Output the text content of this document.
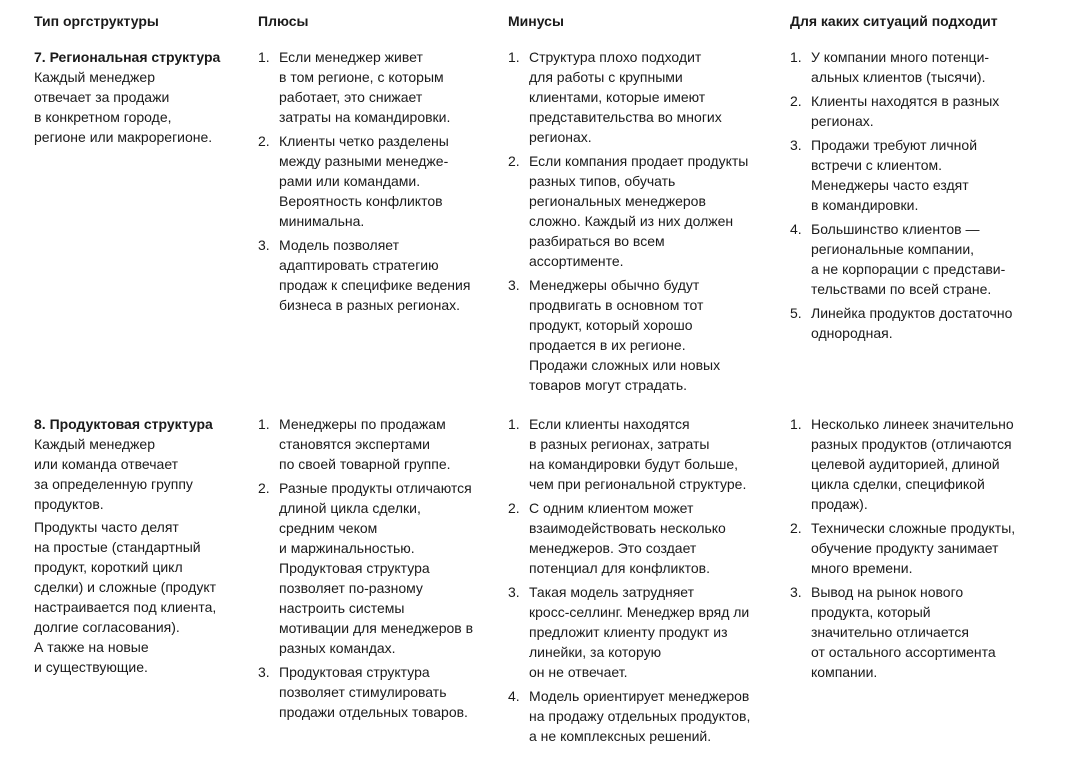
Тип оргструктуры
7. Региональная структура

Каждый менеджер
отвечает за продажи
в конкретном городе,
регионе или макрорегионе.

8. Продуктовая структура

Каждый менеджер
или команда отвечает
за определенную группу
продуктов.

Продукты часто делят
на простые (стандартный
продукт, короткий цикл
сделки) и сложные (продукт
настраивается под клиента,
долгие согласования).
А также на новые
и существующие.

Плюсы
1. Если менеджер живет
в том регионе, с которым
работает, это снижает
затраты на командировки.
2. Клиенты четко разделены
между разными менедже-
рами или командами.
Вероятность конфликтов
минимальна.
3. Модель позволяет
адаптировать стратегию
продаж к специфике ведения
бизнеса в разных регионах.
1. Менеджеры по продажам
становятся экспертами
по своей товарной группе.
2. Разные продукты отличаются
длиной цикла сделки,
средним чеком
и маржинальностью.
Продуктовая структура
позволяет по-разному
настроить системы
мотивации для менеджеров в
разных командах.
3. Продуктовая структура
позволяет стимулировать
продажи отдельных товаров.
Минусы
1. Структура плохо подходит
для работы с крупными
клиентами, которые имеют
представительства во многих
регионах.
2. Если компания продает продукты
разных типов, обучать
региональных менеджеров
сложно. Каждый из них должен
разбираться во всем
ассортименте.
3. Менеджеры обычно будут
продвигать в основном тот
продукт, который хорошо
продается в их регионе.
Продажи сложных или новых
товаров могут страдать.
1. Если клиенты находятся
в разных регионах, затраты
на командировки будут больше,
чем при региональной структуре.
2. С одним клиентом может
взаимодействовать несколько
менеджеров. Это создает
потенциал для конфликтов.
3. Такая модель затрудняет
кросс-селлинг. Менеджер вряд ли
предложит клиенту продукт из
линейки, за которую
он не отвечает.
4. Модель ориентирует менеджеров
на продажу отдельных продуктов,
а не комплексных решений.
Для каких ситуаций подходит
1. У компании много потенци-
альных клиентов (тысячи).
2. Клиенты находятся в разных
регионах.
3. Продажи требуют личной
встречи с клиентом.
Менеджеры часто ездят
в командировки.
4. Большинство клиентов —
региональные компании,
а не корпорации с представи-
тельствами по всей стране.
5. Линейка продуктов достаточно
однородная.
1. Несколько линеек значительно
разных продуктов (отличаются
целевой аудиторией, длиной
цикла сделки, спецификой
продаж).
2. Технически сложные продукты,
обучение продукту занимает
много времени.
3. Вывод на рынок нового
продукта, который
значительно отличается
от остального ассортимента
компании.
